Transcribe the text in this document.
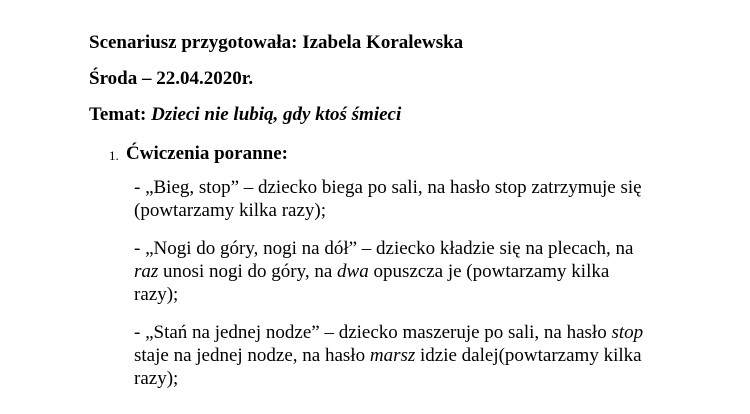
Scenariusz przygotowała: Izabela Koralewska
Środa – 22.04.2020r.
Temat: Dzieci nie lubią, gdy ktoś śmieci
1. Ćwiczenia poranne:
- „Bieg, stop” – dziecko biega po sali, na hasło stop zatrzymuje się (powtarzamy kilka razy);
- „Nogi do góry, nogi na dół” – dziecko kładzie się na plecach, na raz unosi nogi do góry, na dwa opuszcza je (powtarzamy kilka razy);
- „Stań na jednej nodze” – dziecko maszeruje po sali, na hasło stop staje na jednej nodze, na hasło marsz idzie dalej(powtarzamy kilka razy);
